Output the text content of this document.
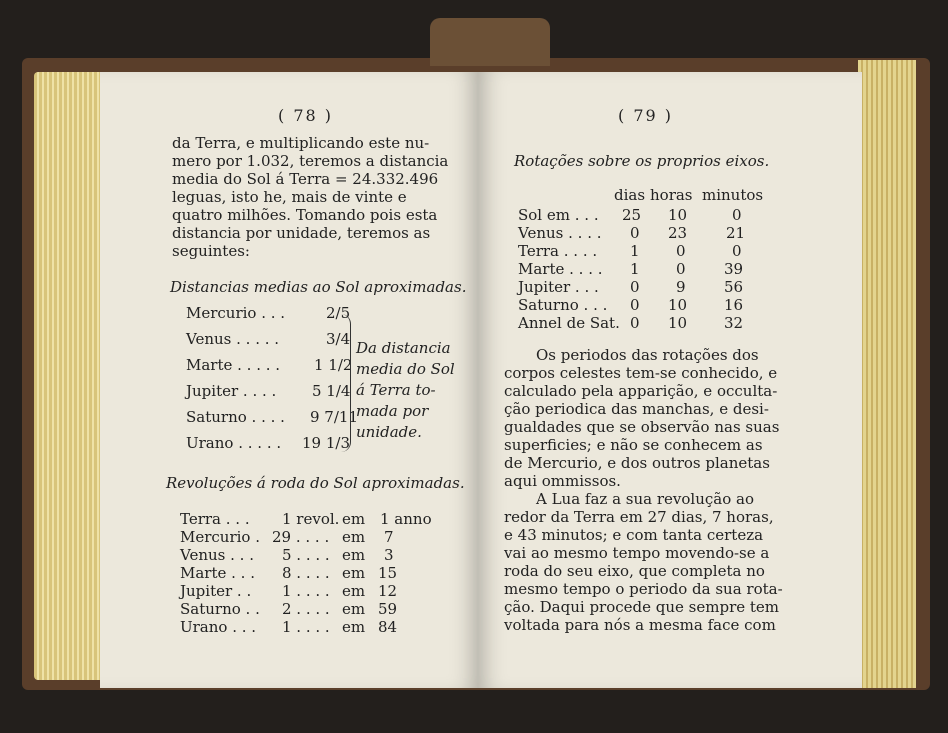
( 78 )
da Terra, e multiplicando este nu-
mero por 1.032, teremos a distancia
media do Sol á Terra = 24.332.496
leguas, isto he, mais de vinte e
quatro milhões. Tomando pois esta
distancia por unidade, teremos as
seguintes:
Distancias medias ao Sol aproximadas.
Mercurio . . .	2/5
Venus . . . . .	3/4
Marte . . . . . 1 1/2
Jupiter . . . . 5 1/4
Saturno . . . . 9 7/11
Urano . . . . . 19 1/3
Da distancia
media do Sol
á Terra to-
mada por
unidade.
Revoluções á roda do Sol aproximadas.
Terra . . . 1 revol. em 1 anno
Mercurio . 29 . . . . em 7
Venus . . . 5 . . . . em 3
Marte . . . 8 . . . . em 15
Jupiter . . 1 . . . . em 12
Saturno . . 2 . . . . em 59
Urano . . . 1 . . . . em 84
( 79 )
Rotações sobre os proprios eixos.
dias horas minutos
Sol em . . . 25 10	0
Venus . . . . 0 23	21
Terra . . . . 1 0	0
Marte . . . . 1 0	39
Jupiter . . . 0 9	56
Saturno . . . 0 10 16
Annel de Sat. 0 10 32
Os periodos das rotações dos
corpos celestes tem-se conhecido, e
calculado pela apparição, e occulta-
ção periodica das manchas, e desi-
gualdades que se observão nas suas
superficies; e não se conhecem as
de Mercurio, e dos outros planetas
aqui ommissos.
A Lua faz a sua revolução ao
redor da Terra em 27 dias, 7 horas,
e 43 minutos; e com tanta certeza
vai ao mesmo tempo movendo-se a
roda do seu eixo, que completa no
mesmo tempo o periodo da sua rota-
ção. Daqui procede que sempre tem
voltada para nós a mesma face com
